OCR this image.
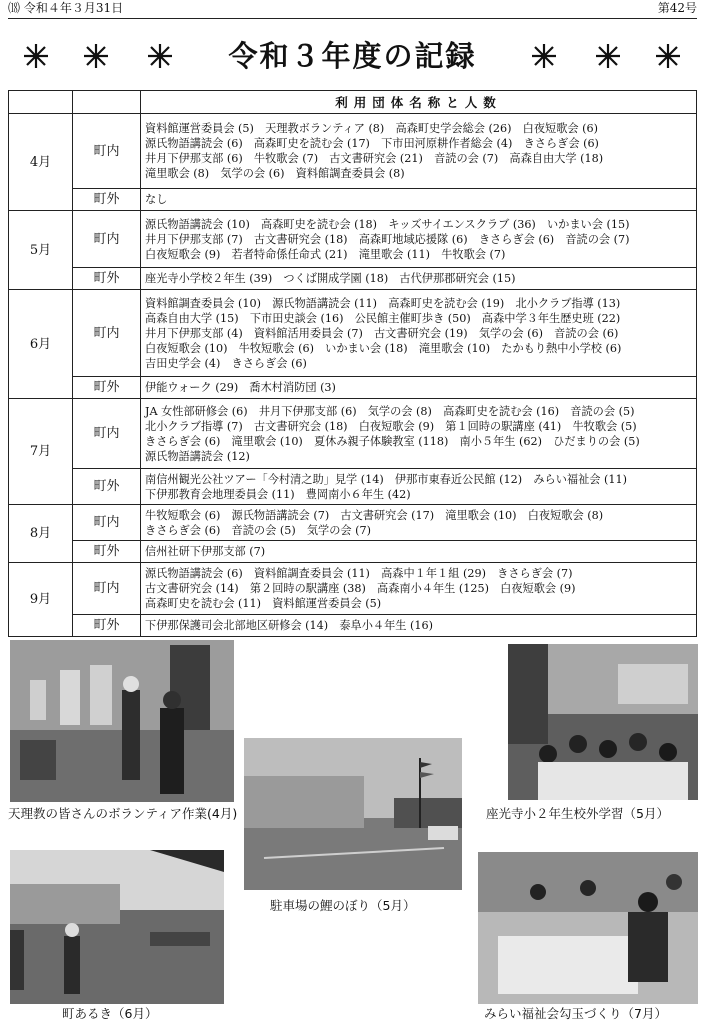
⒅ 令和４年３月31日	第42号
令和３年度の記録
		利用団体名称と人数
4月	町内	資料館運営委員会 (5)　天理教ボランティア (8)　高森町史学会総会 (26)　白夜短歌会 (6)
源氏物語講読会 (6)　高森町史を読む会 (17)　下市田河原耕作者総会 (4)　きさらぎ会 (6)
井月下伊那支部 (6)　牛牧歌会 (7)　古文書研究会 (21)　音読の会 (7)　高森自由大学 (18)
滝里歌会 (8)　気学の会 (6)　資料館調査委員会 (8)
	町外	なし
5月	町内	源氏物語講読会 (10)　高森町史を読む会 (18)　キッズサイエンスクラブ (36)　いかまい会 (15)
井月下伊那支部 (7)　古文書研究会 (18)　高森町地域応援隊 (6)　きさらぎ会 (6)　音読の会 (7)
白夜短歌会 (9)　若者特命係任命式 (21)　滝里歌会 (11)　牛牧歌会 (7)
	町外	座光寺小学校２年生 (39)　つくば開成学園 (18)　古代伊那郡研究会 (15)
6月	町内	資料館調査委員会 (10)　源氏物語講読会 (11)　高森町史を読む会 (19)　北小クラブ指導 (13)
高森自由大学 (15)　下市田史談会 (16)　公民館主催町歩き (50)　高森中学３年生歴史班 (22)
井月下伊那支部 (4)　資料館活用委員会 (7)　古文書研究会 (19)　気学の会 (6)　音読の会 (6)
白夜短歌会 (10)　牛牧短歌会 (6)　いかまい会 (18)　滝里歌会 (10)　たかもり熱中小学校 (6)
吉田史学会 (4)　きさらぎ会 (6)
	町外	伊能ウォーク (29)　喬木村消防団 (3)
7月	町内	JA 女性部研修会 (6)　井月下伊那支部 (6)　気学の会 (8)　高森町史を読む会 (16)　音読の会 (5)
北小クラブ指導 (7)　古文書研究会 (18)　白夜短歌会 (9)　第１回時の駅講座 (41)　牛牧歌会 (5)
きさらぎ会 (6)　滝里歌会 (10)　夏休み親子体験教室 (118)　南小５年生 (62)　ひだまりの会 (5)
源氏物語講読会 (12)
	町外	南信州観光公社ツアー「今村清之助」見学 (14)　伊那市東春近公民館 (12)　みらい福祉会 (11)
下伊那教育会地理委員会 (11)　豊岡南小６年生 (42)
8月	町内	牛牧短歌会 (6)　源氏物語講読会 (7)　古文書研究会 (17)　滝里歌会 (10)　白夜短歌会 (8)
きさらぎ会 (6)　音読の会 (5)　気学の会 (7)
	町外	信州社研下伊那支部 (7)
9月	町内	源氏物語講読会 (6)　資料館調査委員会 (11)　高森中１年１組 (29)　きさらぎ会 (7)
古文書研究会 (14)　第２回時の駅講座 (38)　高森南小４年生 (125)　白夜短歌会 (9)
高森町史を読む会 (11)　資料館運営委員会 (5)
	町外	下伊那保護司会北部地区研修会 (14)　泰阜小４年生 (16)
天理教の皆さんのボランティア作業(4月)
駐車場の鯉のぼり（5月）
座光寺小２年生校外学習（5月）
町あるき（6月）	みらい福祉会勾玉づくり（7月）
